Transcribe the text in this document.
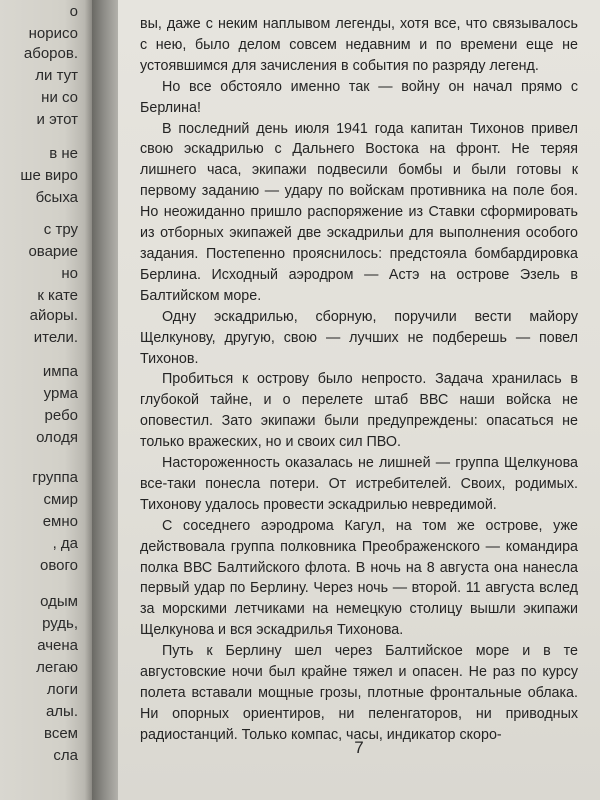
о
норисо
аборов.
ли тут
ни со
и этот
в не
ше виро
бсыха
с тру
оварие
но
к кате
айоры.
ители.
импа
урма
ребо
олодя
группа
смир
емно
, да
ового
одым
рудь,
ачена
легаю
логи
алы.
всем
сла

вы, даже с неким наплывом легенды, хотя все, что связывалось с нею, было делом совсем недавним и по времени еще не устоявшимся для зачисления в события по разряду легенд.

Но все обстояло именно так — войну он начал прямо с Берлина!

В последний день июля 1941 года капитан Тихонов привел свою эскадрилью с Дальнего Востока на фронт. Не теряя лишнего часа, экипажи подвесили бомбы и были готовы к первому заданию — удару по войскам противника на поле боя. Но неожиданно пришло распоряжение из Ставки сформировать из отборных экипажей две эскадрильи для выполнения особого задания. Постепенно прояснилось: предстояла бомбардировка Берлина. Исходный аэродром — Астэ на острове Эзель в Балтийском море.

Одну эскадрилью, сборную, поручили вести майору Щелкунову, другую, свою — лучших не подберешь — повел Тихонов.

Пробиться к острову было непросто. Задача хранилась в глубокой тайне, и о перелете штаб ВВС наши войска не оповестил. Зато экипажи были предупреждены: опасаться не только вражеских, но и своих сил ПВО.

Настороженность оказалась не лишней — группа Щелкунова все-таки понесла потери. От истребителей. Своих, родимых. Тихонову удалось провести эскадрилью невредимой.

С соседнего аэродрома Кагул, на том же острове, уже действовала группа полковника Преображенского — командира полка ВВС Балтийского флота. В ночь на 8 августа она нанесла первый удар по Берлину. Через ночь — второй. 11 августа вслед за морскими летчиками на немецкую столицу вышли экипажи Щелкунова и вся эскадрилья Тихонова.

Путь к Берлину шел через Балтийское море и в те августовские ночи был крайне тяжел и опасен. Не раз по курсу полета вставали мощные грозы, плотные фронтальные облака. Ни опорных ориентиров, ни пеленгаторов, ни приводных радиостанций. Только компас, часы, индикатор скоро-

7
